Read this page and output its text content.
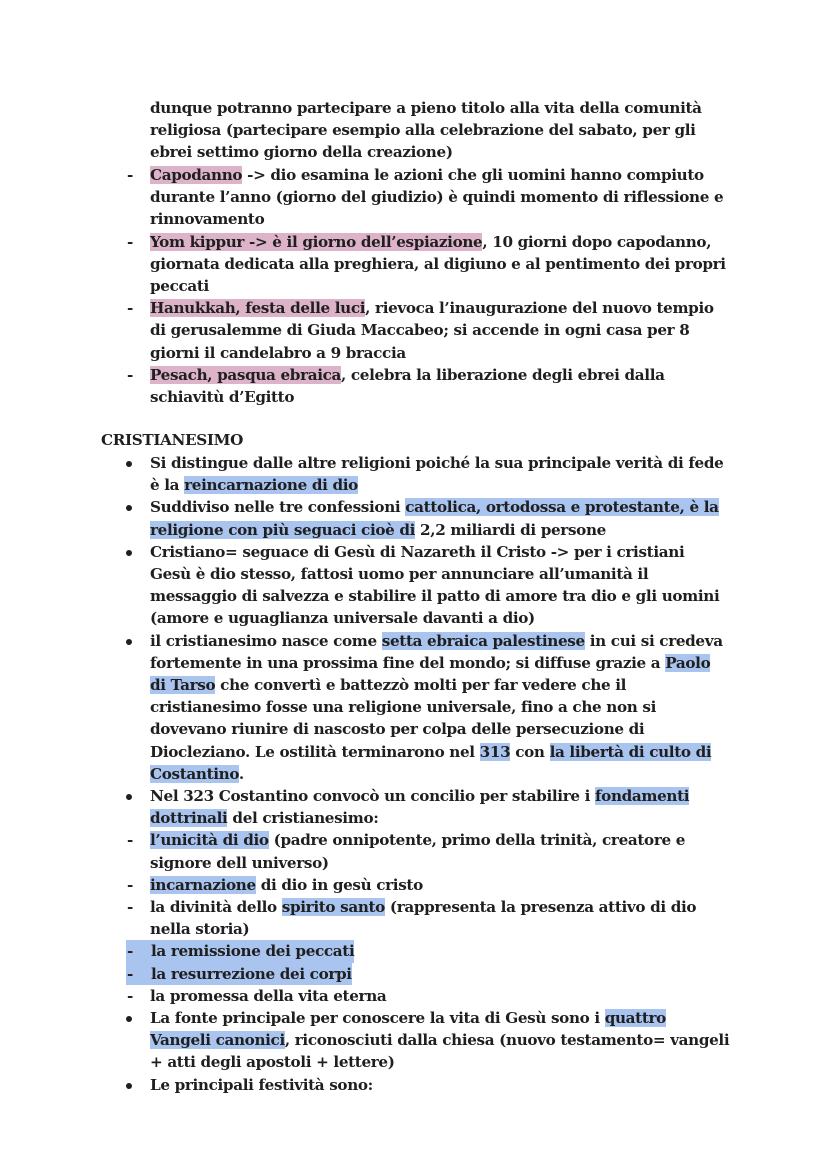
dunque potranno partecipare a pieno titolo alla vita della comunità religiosa (partecipare esempio alla celebrazione del sabato, per gli ebrei settimo giorno della creazione)
- Capodanno -> dio esamina le azioni che gli uomini hanno compiuto durante l’anno (giorno del giudizio) è quindi momento di riflessione e rinnovamento
- Yom kippur -> è il giorno dell’espiazione, 10 giorni dopo capodanno, giornata dedicata alla preghiera, al digiuno e al pentimento dei propri peccati
- Hanukkah, festa delle luci, rievoca l’inaugurazione del nuovo tempio di gerusalemme di Giuda Maccabeo; si accende in ogni casa per 8 giorni il candelabro a 9 braccia
- Pesach, pasqua ebraica, celebra la liberazione degli ebrei dalla schiavitù d’Egitto
CRISTIANESIMO
Si distingue dalle altre religioni poiché la sua principale verità di fede è la reincarnazione di dio
Suddiviso nelle tre confessioni cattolica, ortodossa e protestante, è la religione con più seguaci cioè di 2,2 miliardi di persone
Cristiano= seguace di Gesù di Nazareth il Cristo -> per i cristiani Gesù è dio stesso, fattosi uomo per annunciare all’umanità il messaggio di salvezza e stabilire il patto di amore tra dio e gli uomini (amore e uguaglianza universale davanti a dio)
il cristianesimo nasce come setta ebraica palestinese in cui si credeva fortemente in una prossima fine del mondo; si diffuse grazie a Paolo di Tarso che convertì e battezzò molti per far vedere che il cristianesimo fosse una religione universale, fino a che non si dovevano riunire di nascosto per colpa delle persecuzione di Diocleziano. Le ostilità terminarono nel 313 con la libertà di culto di Costantino.
Nel 323 Costantino convocò un concilio per stabilire i fondamenti dottrinali del cristianesimo:
- l’unicità di dio (padre onnipotente, primo della trinità, creatore e signore dell universo)
- incarnazione di dio in gesù cristo
- la divinità dello spirito santo (rappresenta la presenza attivo di dio nella storia)
- la remissione dei peccati
- la resurrezione dei corpi
- la promessa della vita eterna
La fonte principale per conoscere la vita di Gesù sono i quattro Vangeli canonici, riconosciuti dalla chiesa (nuovo testamento= vangeli + atti degli apostoli + lettere)
Le principali festività sono:
